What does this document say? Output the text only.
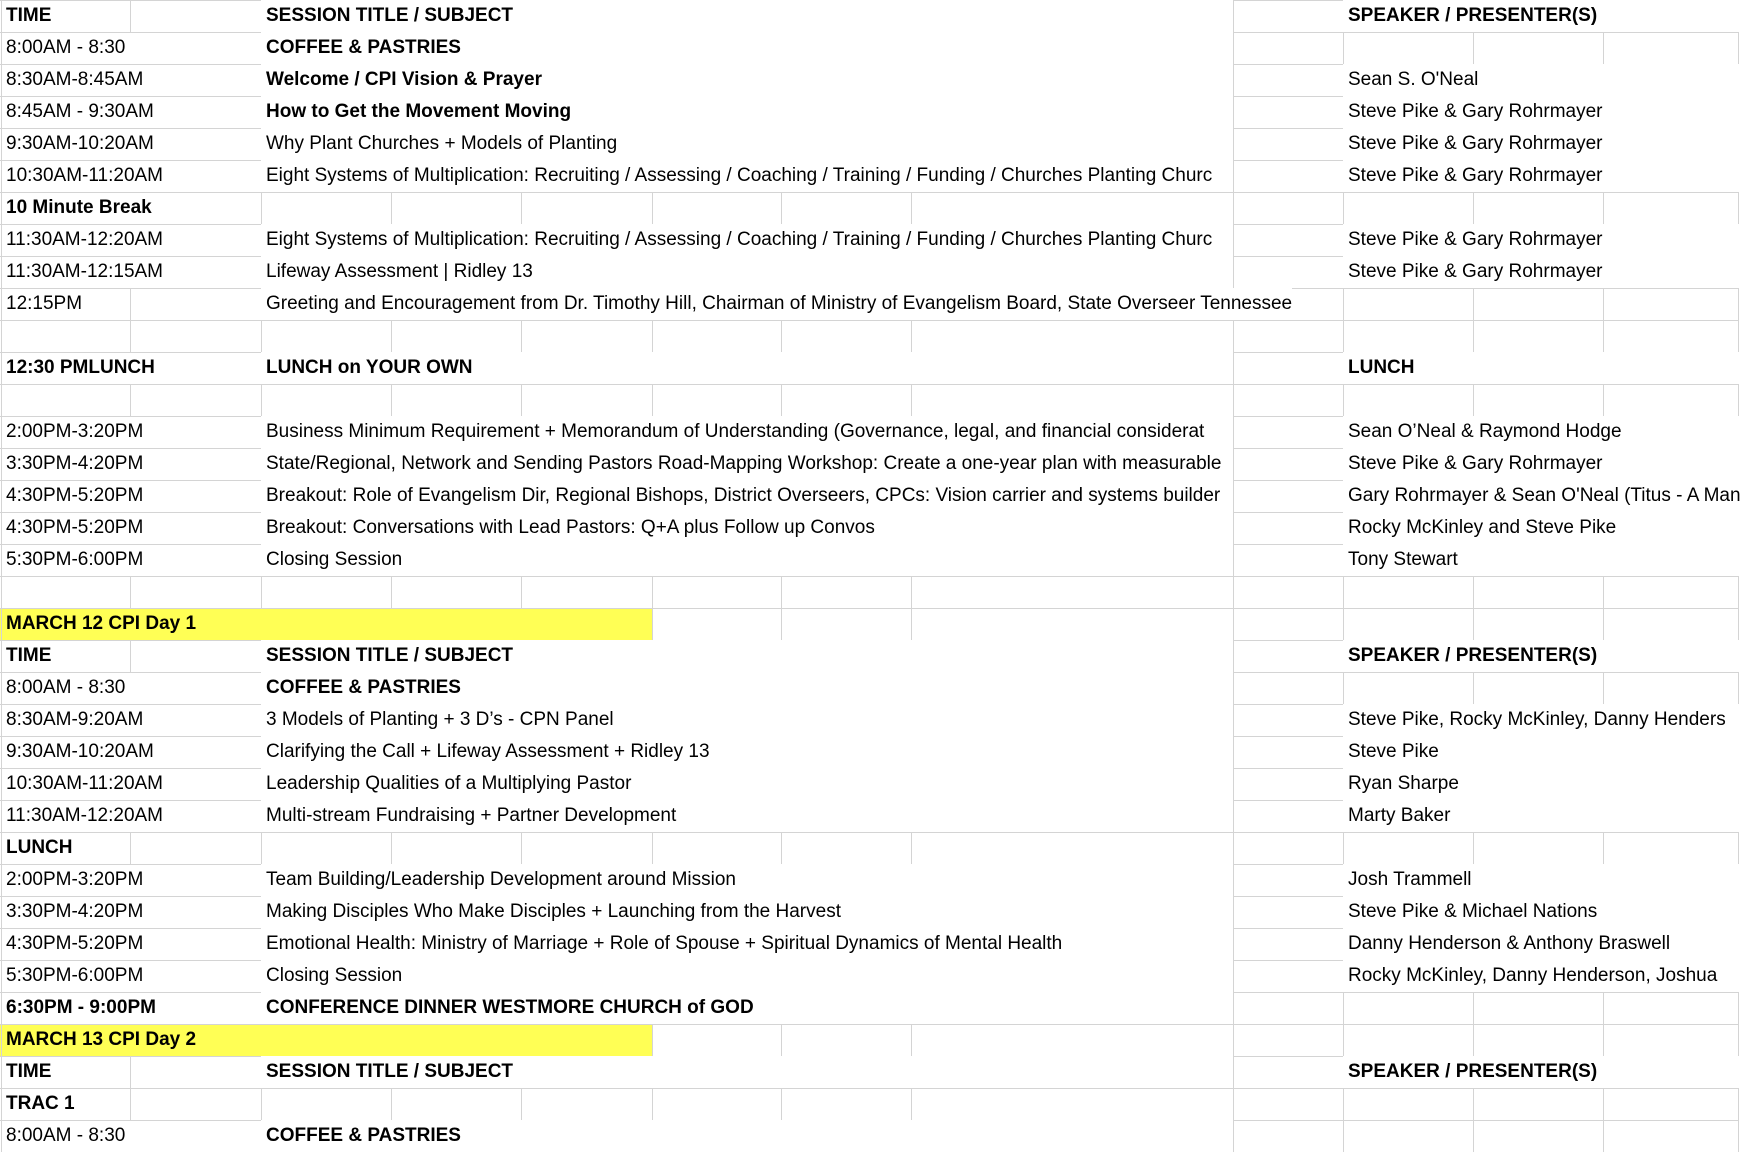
TIME	SESSION TITLE / SUBJECT	SPEAKER / PRESENTER(S)
8:00AM - 8:30	COFFEE & PASTRIES
8:30AM-8:45AM	Welcome / CPI Vision & Prayer	Sean S. O'Neal
8:45AM - 9:30AM	How to Get the Movement Moving	Steve Pike & Gary Rohrmayer
9:30AM-10:20AM	Why Plant Churches + Models of Planting	Steve Pike & Gary Rohrmayer
10:30AM-11:20AM	Eight Systems of Multiplication: Recruiting / Assessing / Coaching / Training / Funding / Churches Planting Churc	Steve Pike & Gary Rohrmayer
10 Minute Break
11:30AM-12:20AM	Eight Systems of Multiplication: Recruiting / Assessing / Coaching / Training / Funding / Churches Planting Churc	Steve Pike & Gary Rohrmayer
11:30AM-12:15AM	Lifeway Assessment | Ridley 13	Steve Pike & Gary Rohrmayer
12:15PM	Greeting and Encouragement from Dr. Timothy Hill, Chairman of Ministry of Evangelism Board, State Overseer Tennessee
12:30 PMLUNCH	LUNCH on YOUR OWN	LUNCH
2:00PM-3:20PM	Business Minimum Requirement + Memorandum of Understanding (Governance, legal, and financial considerat	Sean O’Neal & Raymond Hodge
3:30PM-4:20PM	State/Regional, Network and Sending Pastors Road-Mapping Workshop: Create a one-year plan with measurable	Steve Pike & Gary Rohrmayer
4:30PM-5:20PM	Breakout: Role of Evangelism Dir, Regional Bishops, District Overseers, CPCs: Vision carrier and systems builder	Gary Rohrmayer & Sean O'Neal (Titus - A Man
4:30PM-5:20PM	Breakout: Conversations with Lead Pastors: Q+A plus Follow up Convos	Rocky McKinley and Steve Pike
5:30PM-6:00PM	Closing Session	Tony Stewart
MARCH 12 CPI Day 1
TIME	SESSION TITLE / SUBJECT	SPEAKER / PRESENTER(S)
8:00AM - 8:30	COFFEE & PASTRIES
8:30AM-9:20AM	3 Models of Planting + 3 D’s - CPN Panel	Steve Pike, Rocky McKinley, Danny Henders
9:30AM-10:20AM	Clarifying the Call + Lifeway Assessment + Ridley 13	Steve Pike
10:30AM-11:20AM	Leadership Qualities of a Multiplying Pastor	Ryan Sharpe
11:30AM-12:20AM	Multi-stream Fundraising + Partner Development	Marty Baker
LUNCH
2:00PM-3:20PM	Team Building/Leadership Development around Mission	Josh Trammell
3:30PM-4:20PM	Making Disciples Who Make Disciples + Launching from the Harvest	Steve Pike & Michael Nations
4:30PM-5:20PM	Emotional Health: Ministry of Marriage + Role of Spouse + Spiritual Dynamics of Mental Health	Danny Henderson & Anthony Braswell
5:30PM-6:00PM	Closing Session	Rocky McKinley, Danny Henderson, Joshua
6:30PM - 9:00PM	CONFERENCE DINNER WESTMORE CHURCH of GOD
MARCH 13 CPI Day 2
TIME	SESSION TITLE / SUBJECT	SPEAKER / PRESENTER(S)
TRAC 1
8:00AM - 8:30	COFFEE & PASTRIES
